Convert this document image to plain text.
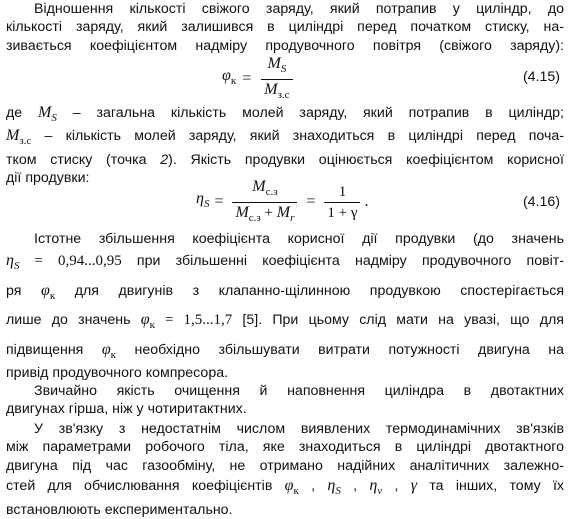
Відношення кількості свіжого заряду, який потрапив у циліндр, до
кількості заряду, який залишився в циліндрі перед початком стиску, на-
зивається коефіцієнтом надміру продувочного повітря (свіжого заряду):
$\varphi_к = \frac{M_S}{M_{з.с}}$	(4.15)
де $M_S$ – загальна кількість молей заряду, який потрапив в циліндр;
$M_{з.с}$ – кількість молей заряду, який знаходиться в циліндрі перед поча-
тком стиску (точка 2). Якість продувки оцінюється коефіцієнтом корисної
дії продувки:
$\eta_S = \frac{M_{с.з}}{M_{с.з} + M_r} = \frac{1}{1 + \gamma}$ .	(4.16)
Істотне збільшення коефіцієнта корисної дії продувки (до значень
$\eta_S = 0,94...0,95$ при збільшенні коефіцієнта надміру продувочного повіт-
ря $\varphi_к$ для двигунів з клапанно-щілинною продувкою спостерігається
лише до значень $\varphi_к = 1,5...1,7$ [5]. При цьому слід мати на увазі, що для
підвищення $\varphi_к$ необхідно збільшувати витрати потужності двигуна на
привід продувочного компресора.
Звичайно якість очищення й наповнення циліндра в двотактних
двигунах гірша, ніж у чотиритактних.
У зв'язку з недостатнім числом виявлених термодинамічних зв'язків
між параметрами робочого тіла, яке знаходиться в циліндрі двотактного
двигуна під час газообміну, не отримано надійних аналітичних залежно-
стей для обчислювання коефіцієнтів $\varphi_к$ , $\eta_S$ , $\eta_v$ , γ та інших, тому їх
встановлюють експериментально.
